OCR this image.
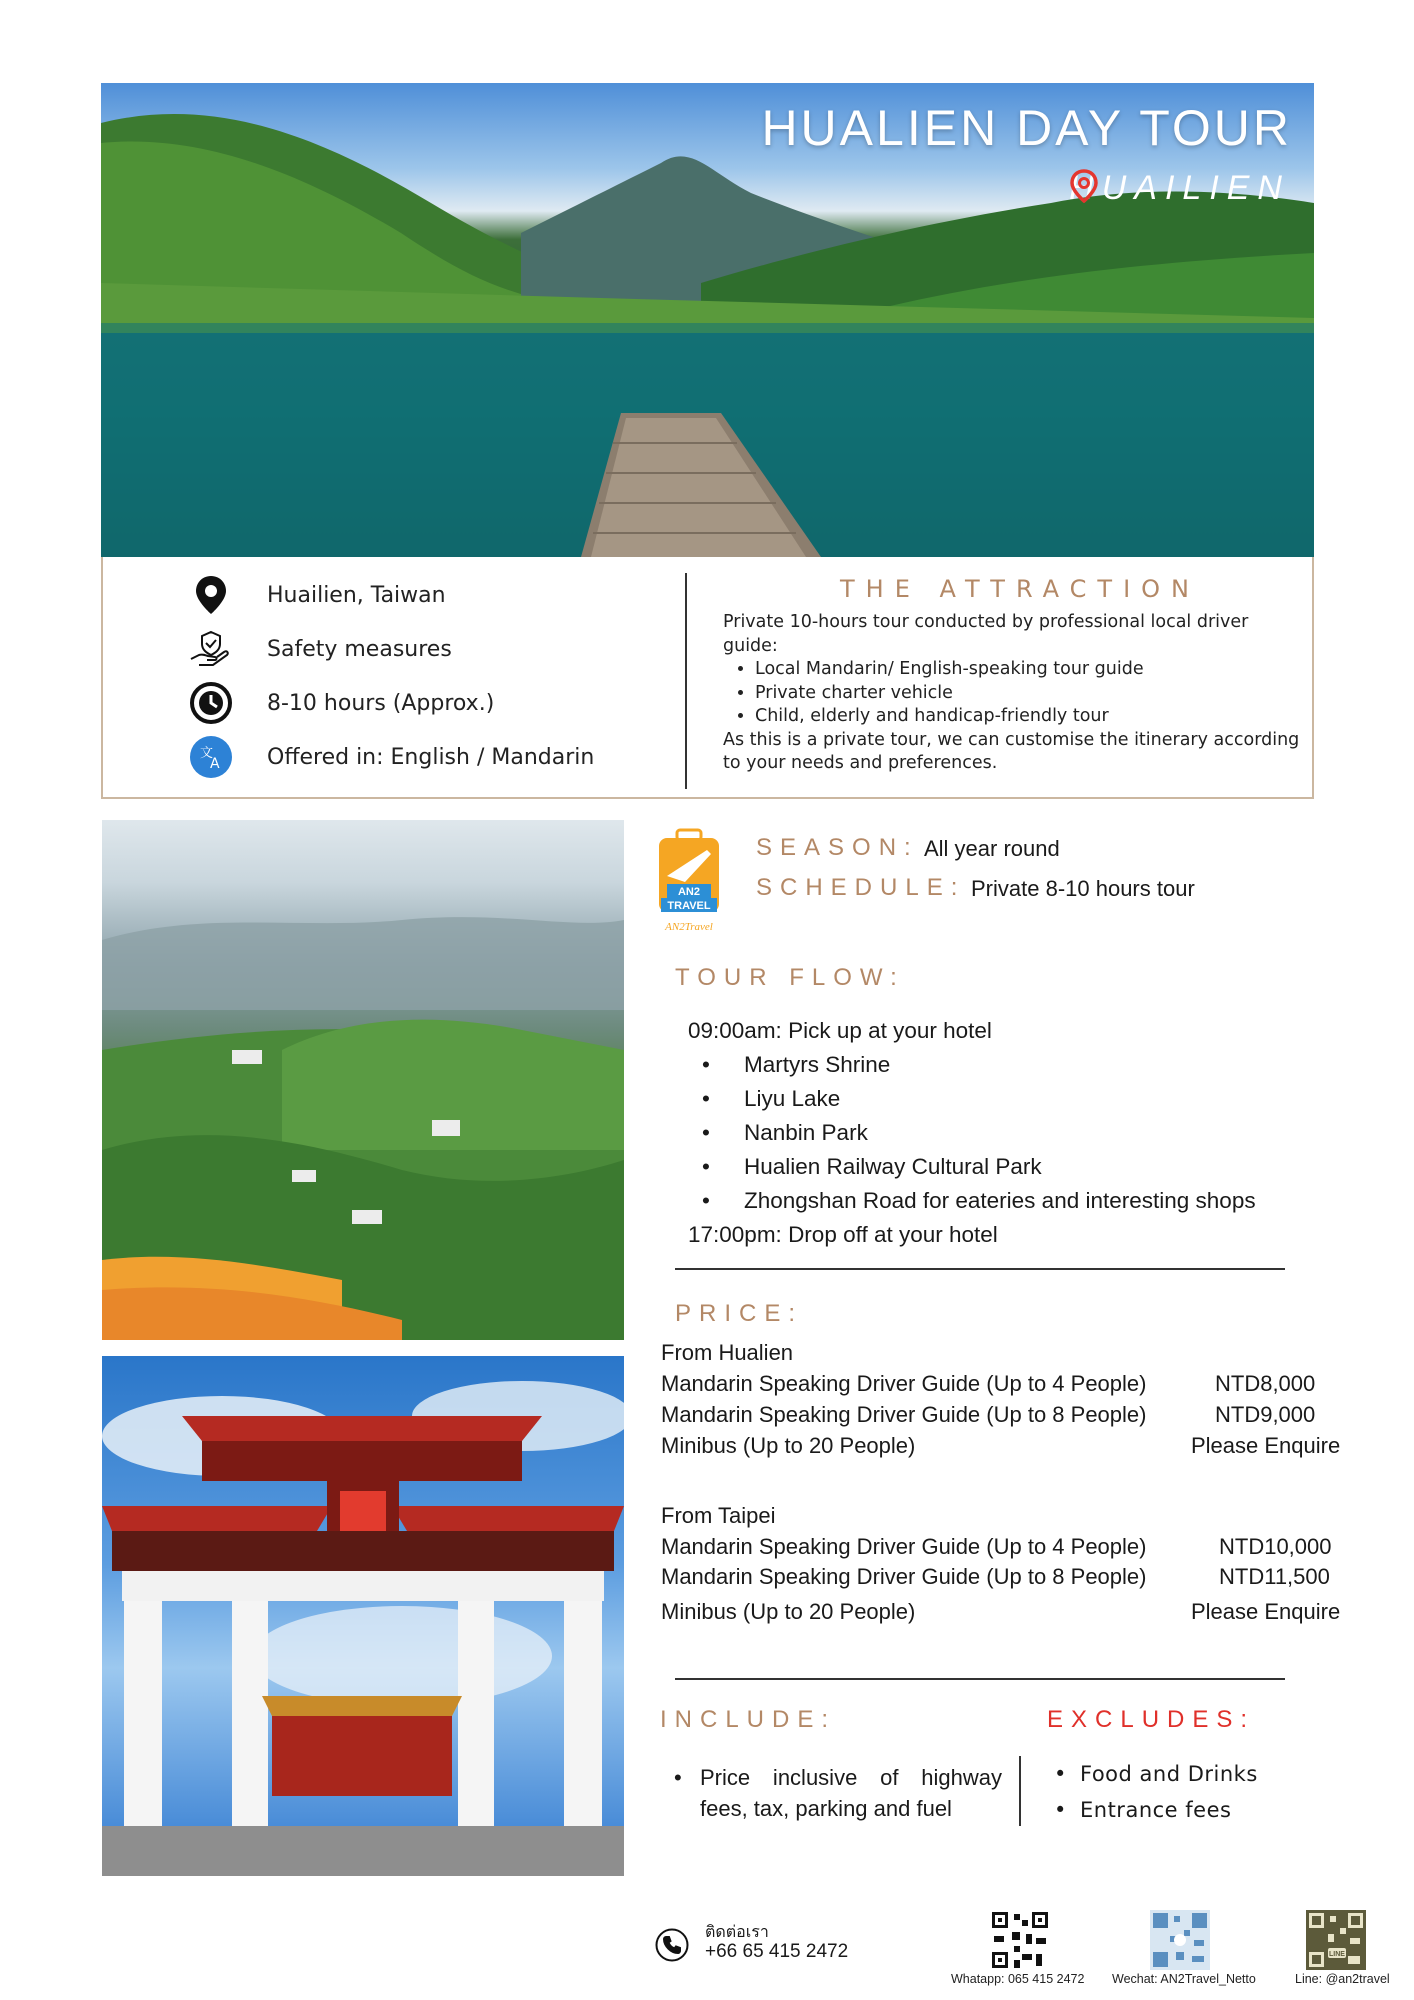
HUALIEN DAY TOUR
HUAILIEN
Huailien, Taiwan
Safety measures
8-10 hours (Approx.)
文
A Offered in: English / Mandarin
THE ATTRACTION
Private 10-hours tour conducted by professional local driver guide:
• Local Mandarin/ English-speaking tour guide
• Private charter vehicle
• Child, elderly and handicap-friendly tour
As this is a private tour, we can customise the itinerary according to your needs and preferences.
AN2
TRAVEL
AN2Travel
SEASON: All year round
SCHEDULE: Private 8-10 hours tour
TOUR FLOW:
09:00am: Pick up at your hotel
• Martyrs Shrine
• Liyu Lake
• Nanbin Park
• Hualien Railway Cultural Park
• Zhongshan Road for eateries and interesting shops
17:00pm: Drop off at your hotel
PRICE:
From Hualien
Mandarin Speaking Driver Guide (Up to 4 People)	NTD8,000
Mandarin Speaking Driver Guide (Up to 8 People)	NTD9,000
Minibus (Up to 20 People)	Please Enquire
From Taipei
Mandarin Speaking Driver Guide (Up to 4 People)	NTD10,000
Mandarin Speaking Driver Guide (Up to 8 People)	NTD11,500
Minibus (Up to 20 People)	Please Enquire
INCLUDE:	EXCLUDES:
• Price inclusive of highway fees, tax, parking and fuel
• Food and Drinks
• Entrance fees
ติดต่อเรา
+66 65 415 2472	LINE
Whatapp: 065 415 2472 Wechat: AN2Travel_Netto	Line: @an2travel
